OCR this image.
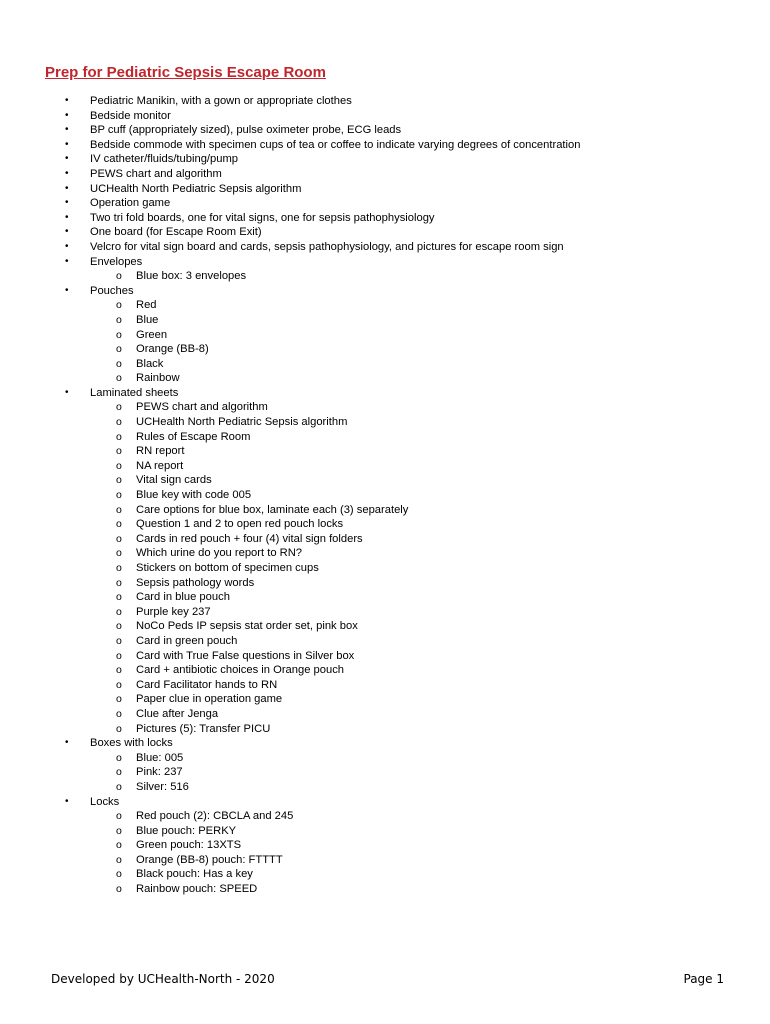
Prep for Pediatric Sepsis Escape Room
• Pediatric Manikin, with a gown or appropriate clothes
• Bedside monitor
• BP cuff (appropriately sized), pulse oximeter probe, ECG leads
• Bedside commode with specimen cups of tea or coffee to indicate varying degrees of concentration
• IV catheter/fluids/tubing/pump
• PEWS chart and algorithm
• UCHealth North Pediatric Sepsis algorithm
• Operation game
• Two tri fold boards, one for vital signs, one for sepsis pathophysiology
• One board (for Escape Room Exit)
• Velcro for vital sign board and cards, sepsis pathophysiology, and pictures for escape room sign
• Envelopes
o Blue box: 3 envelopes
• Pouches
o Red
o Blue
o Green
o Orange (BB-8)
o Black
o Rainbow
• Laminated sheets
o PEWS chart and algorithm
o UCHealth North Pediatric Sepsis algorithm
o Rules of Escape Room
o RN report
o NA report
o Vital sign cards
o Blue key with code 005
o Care options for blue box, laminate each (3) separately
o Question 1 and 2 to open red pouch locks
o Cards in red pouch + four (4) vital sign folders
o Which urine do you report to RN?
o Stickers on bottom of specimen cups
o Sepsis pathology words
o Card in blue pouch
o Purple key 237
o NoCo Peds IP sepsis stat order set, pink box
o Card in green pouch
o Card with True False questions in Silver box
o Card + antibiotic choices in Orange pouch
o Card Facilitator hands to RN
o Paper clue in operation game
o Clue after Jenga
o Pictures (5): Transfer PICU
• Boxes with locks
o Blue: 005
o Pink: 237
o Silver: 516
• Locks
o Red pouch (2): CBCLA and 245
o Blue pouch: PERKY
o Green pouch: 13XTS
o Orange (BB-8) pouch: FTTTT
o Black pouch: Has a key
o Rainbow pouch: SPEED
Developed by UCHealth-North - 2020	Page 1
